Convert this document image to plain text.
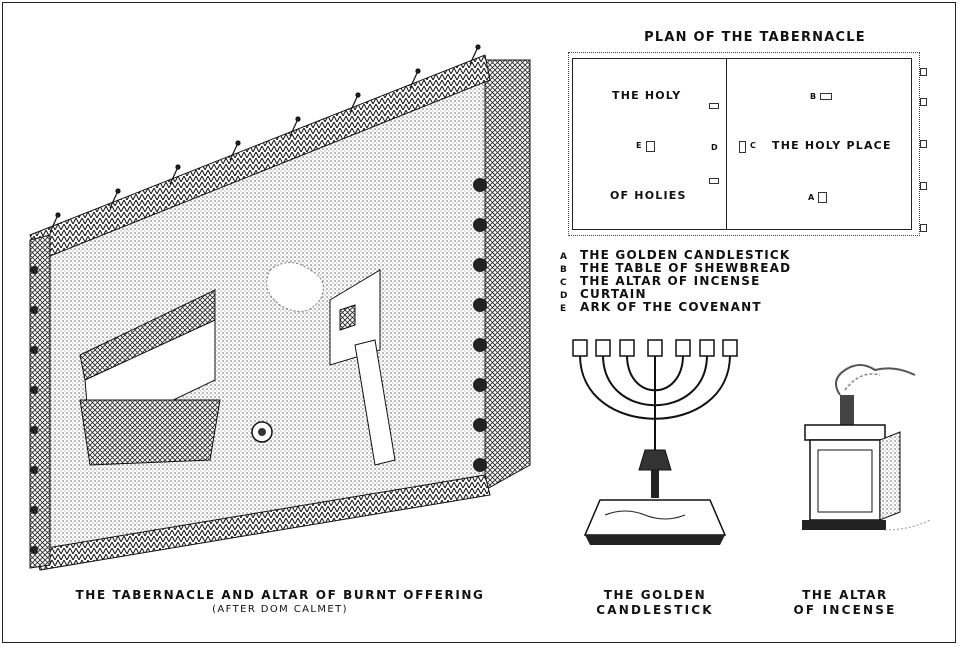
PLAN OF THE TABERNACLE
THE HOLY
OF HOLIES
THE HOLY PLACE
B
E	D	C
A
A	THE GOLDEN CANDLESTICK
B	THE TABLE OF SHEWBREAD
C	THE ALTAR OF INCENSE
D	CURTAIN
E	ARK OF THE COVENANT
THE TABERNACLE AND ALTAR OF BURNT OFFERING
(AFTER DOM CALMET)
THE GOLDEN
CANDLESTICK
THE ALTAR
OF INCENSE
